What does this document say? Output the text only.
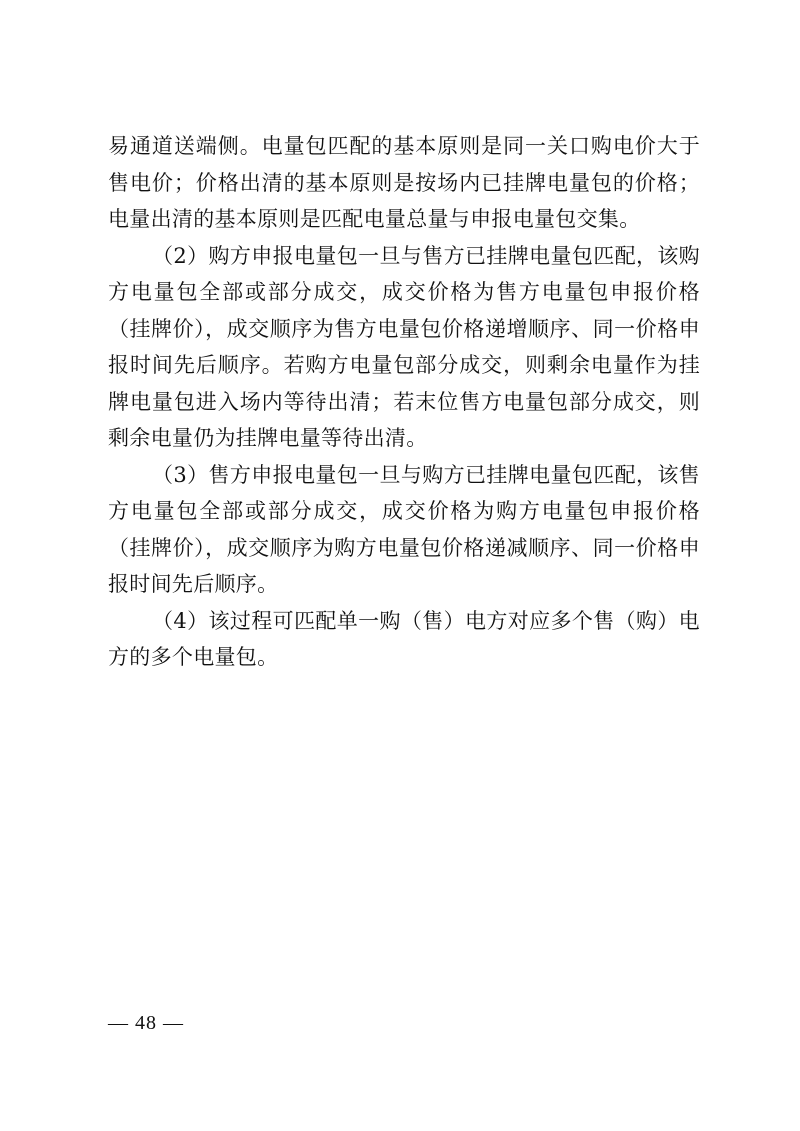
易通道送端侧。电量包匹配的基本原则是同一关口购电价大于售电价；价格出清的基本原则是按场内已挂牌电量包的价格；电量出清的基本原则是匹配电量总量与申报电量包交集。

（2）购方申报电量包一旦与售方已挂牌电量包匹配，该购方电量包全部或部分成交，成交价格为售方电量包申报价格（挂牌价），成交顺序为售方电量包价格递增顺序、同一价格申报时间先后顺序。若购方电量包部分成交，则剩余电量作为挂牌电量包进入场内等待出清；若末位售方电量包部分成交，则剩余电量仍为挂牌电量等待出清。

（3）售方申报电量包一旦与购方已挂牌电量包匹配，该售方电量包全部或部分成交，成交价格为购方电量包申报价格（挂牌价），成交顺序为购方电量包价格递减顺序、同一价格申报时间先后顺序。

（4）该过程可匹配单一购（售）电方对应多个售（购）电方的多个电量包。

— 48 —
